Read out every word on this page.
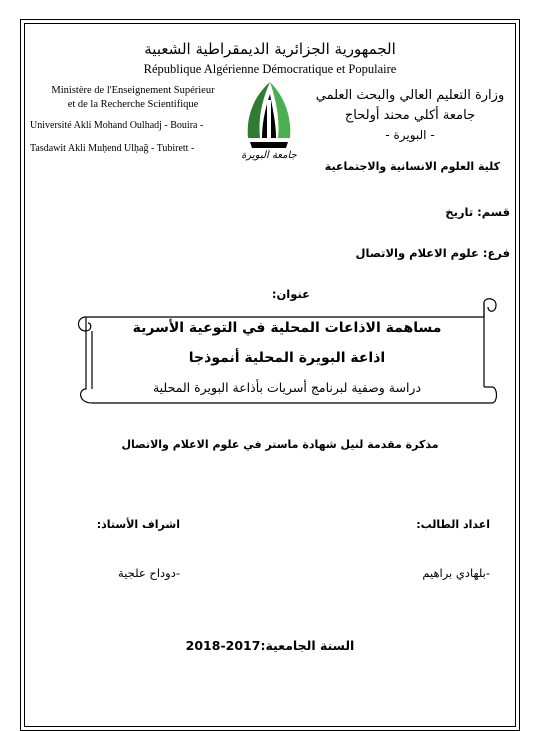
الجمهورية الجزائرية الديمقراطية الشعبية
République Algérienne Démocratique et Populaire
Ministère de l'Enseignement Supérieur
et de la Recherche Scientifique
Université Akli Mohand Oulhadj - Bouira -
Tasdawit Akli Muḥend Ulḥağ - Tubirett -
جامعة البويرة
وزارة التعليم العالي والبحث العلمي
جامعة أكلي محند أولحاج
- البويرة -
كلية العلوم الانسانية والاجتماعية
قسم: تاريخ
فرع: علوم الاعلام والاتصال
عنوان:
مساهمة الاذاعات المحلية في التوعية الأسرية
اذاعة البويرة المحلية أنموذجا
دراسة وصفية لبرنامج أسريات بأذاعة البويرة المحلية
مذكرة مقدمة لنيل شهادة ماستر في علوم الاعلام والاتصال
اعداد الطالب:
اشراف الأستاذ:
-بلهادي براهيم
-دوداح علجية
السنة الجامعية:2017-2018
